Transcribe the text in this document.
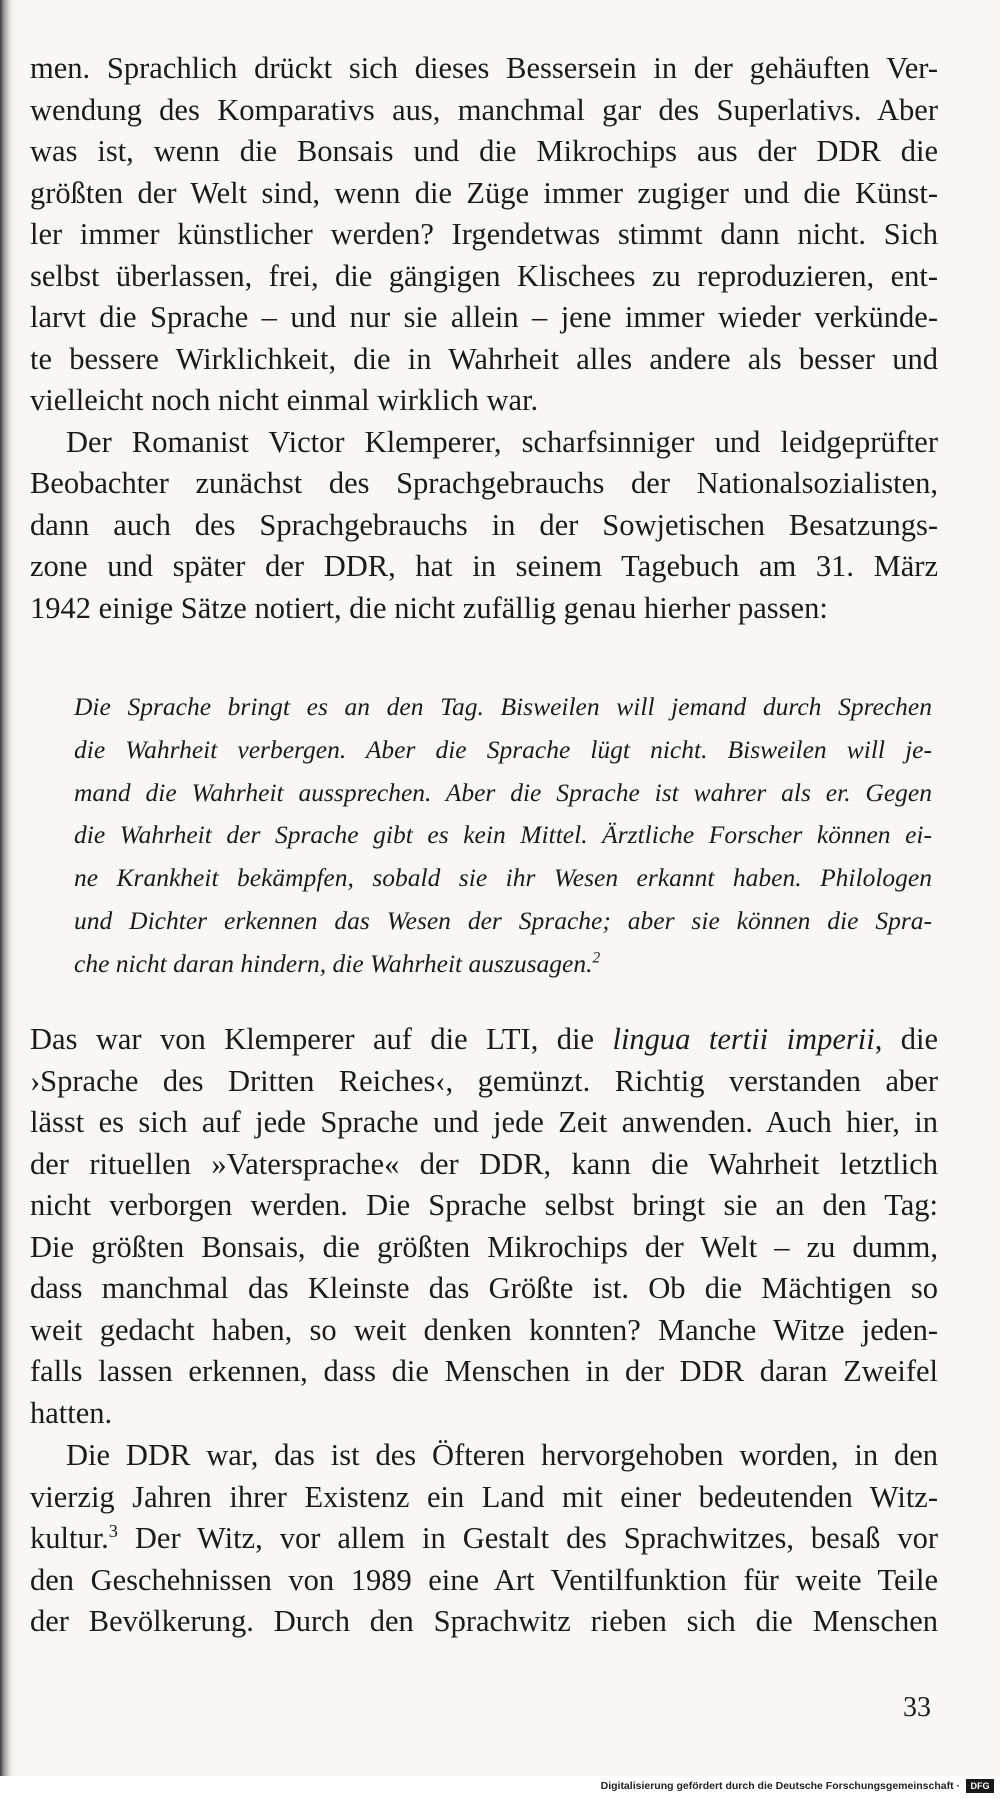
men. Sprachlich drückt sich dieses Bessersein in der gehäuften Ver-
wendung des Komparativs aus, manchmal gar des Superlativs. Aber
was ist, wenn die Bonsais und die Mikrochips aus der DDR die
größten der Welt sind, wenn die Züge immer zugiger und die Künst-
ler immer künstlicher werden? Irgendetwas stimmt dann nicht. Sich
selbst überlassen, frei, die gängigen Klischees zu reproduzieren, ent-
larvt die Sprache – und nur sie allein – jene immer wieder verkünde-
te bessere Wirklichkeit, die in Wahrheit alles andere als besser und
vielleicht noch nicht einmal wirklich war.
Der Romanist Victor Klemperer, scharfsinniger und leidgeprüfter
Beobachter zunächst des Sprachgebrauchs der Nationalsozialisten,
dann auch des Sprachgebrauchs in der Sowjetischen Besatzungs-
zone und später der DDR, hat in seinem Tagebuch am 31. März
1942 einige Sätze notiert, die nicht zufällig genau hierher passen:
Die Sprache bringt es an den Tag. Bisweilen will jemand durch Sprechen
die Wahrheit verbergen. Aber die Sprache lügt nicht. Bisweilen will je-
mand die Wahrheit aussprechen. Aber die Sprache ist wahrer als er. Gegen
die Wahrheit der Sprache gibt es kein Mittel. Ärztliche Forscher können ei-
ne Krankheit bekämpfen, sobald sie ihr Wesen erkannt haben. Philologen
und Dichter erkennen das Wesen der Sprache; aber sie können die Spra-
che nicht daran hindern, die Wahrheit auszusagen.$^2$
Das war von Klemperer auf die LTI, die lingua tertii imperii, die
›Sprache des Dritten Reiches‹, gemünzt. Richtig verstanden aber
lässt es sich auf jede Sprache und jede Zeit anwenden. Auch hier, in
der rituellen »Vatersprache« der DDR, kann die Wahrheit letztlich
nicht verborgen werden. Die Sprache selbst bringt sie an den Tag:
Die größten Bonsais, die größten Mikrochips der Welt – zu dumm,
dass manchmal das Kleinste das Größte ist. Ob die Mächtigen so
weit gedacht haben, so weit denken konnten? Manche Witze jeden-
falls lassen erkennen, dass die Menschen in der DDR daran Zweifel
hatten.
Die DDR war, das ist des Öfteren hervorgehoben worden, in den
vierzig Jahren ihrer Existenz ein Land mit einer bedeutenden Witz-
kultur.$^3$ Der Witz, vor allem in Gestalt des Sprachwitzes, besaß vor
den Geschehnissen von 1989 eine Art Ventilfunktion für weite Teile
der Bevölkerung. Durch den Sprachwitz rieben sich die Menschen
33
Digitalisierung gefördert durch die Deutsche Forschungsgemeinschaft ·	DFG
